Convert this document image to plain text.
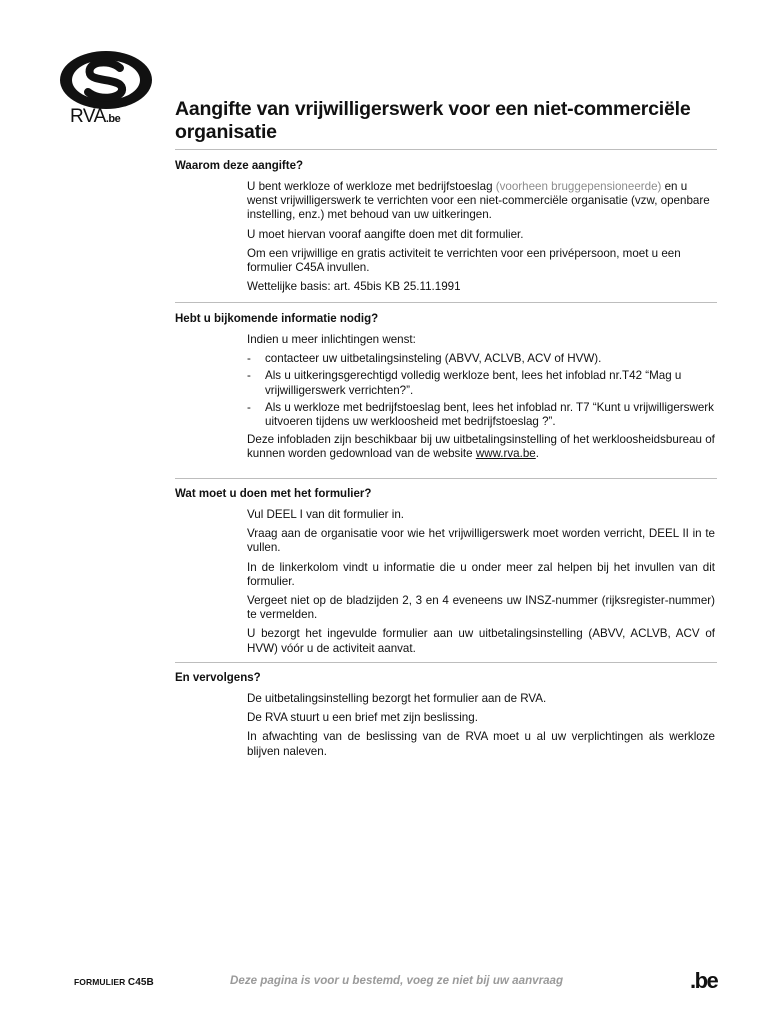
RVA.be	Aangifte van vrijwilligerswerk voor een niet-commerciële organisatie
Waarom deze aangifte?

U bent werkloze of werkloze met bedrijfstoeslag (voorheen bruggepensioneerde) en u wenst vrijwilligerswerk te verrichten voor een niet-commerciële organisatie (vzw, openbare instelling, enz.) met behoud van uw uitkeringen.

U moet hiervan vooraf aangifte doen met dit formulier.

Om een vrijwillige en gratis activiteit te verrichten voor een privépersoon, moet u een formulier C45A invullen.

Wettelijke basis: art. 45bis KB 25.11.1991

Hebt u bijkomende informatie nodig?

Indien u meer inlichtingen wenst:

- contacteer uw uitbetalingsinsteling (ABVV, ACLVB, ACV of HVW).
- Als u uitkeringsgerechtigd volledig werkloze bent, lees het infoblad nr.T42 “Mag u vrijwilligerswerk verrichten?”.
- Als u werkloze met bedrijfstoeslag bent, lees het infoblad nr. T7 “Kunt u vrijwilligerswerk uitvoeren tijdens uw werkloosheid met bedrijfstoeslag ?”.

Deze infobladen zijn beschikbaar bij uw uitbetalingsinstelling of het werkloosheidsbureau of kunnen worden gedownload van de website www.rva.be.

Wat moet u doen met het formulier?

Vul DEEL I van dit formulier in.

Vraag aan de organisatie voor wie het vrijwilligerswerk moet worden verricht, DEEL II in te vullen.

In de linkerkolom vindt u informatie die u onder meer zal helpen bij het invullen van dit formulier.

Vergeet niet op de bladzijden 2, 3 en 4 eveneens uw INSZ-nummer (rijksregister-nummer) te vermelden.

U bezorgt het ingevulde formulier aan uw uitbetalingsinstelling (ABVV, ACLVB, ACV of HVW) vóór u de activiteit aanvat.

En vervolgens?

De uitbetalingsinstelling bezorgt het formulier aan de RVA.

De RVA stuurt u een brief met zijn beslissing.

In afwachting van de beslissing van de RVA moet u al uw verplichtingen als werkloze blijven naleven.

FORMULIER C45B	Deze pagina is voor u bestemd, voeg ze niet bij uw aanvraag	.be
